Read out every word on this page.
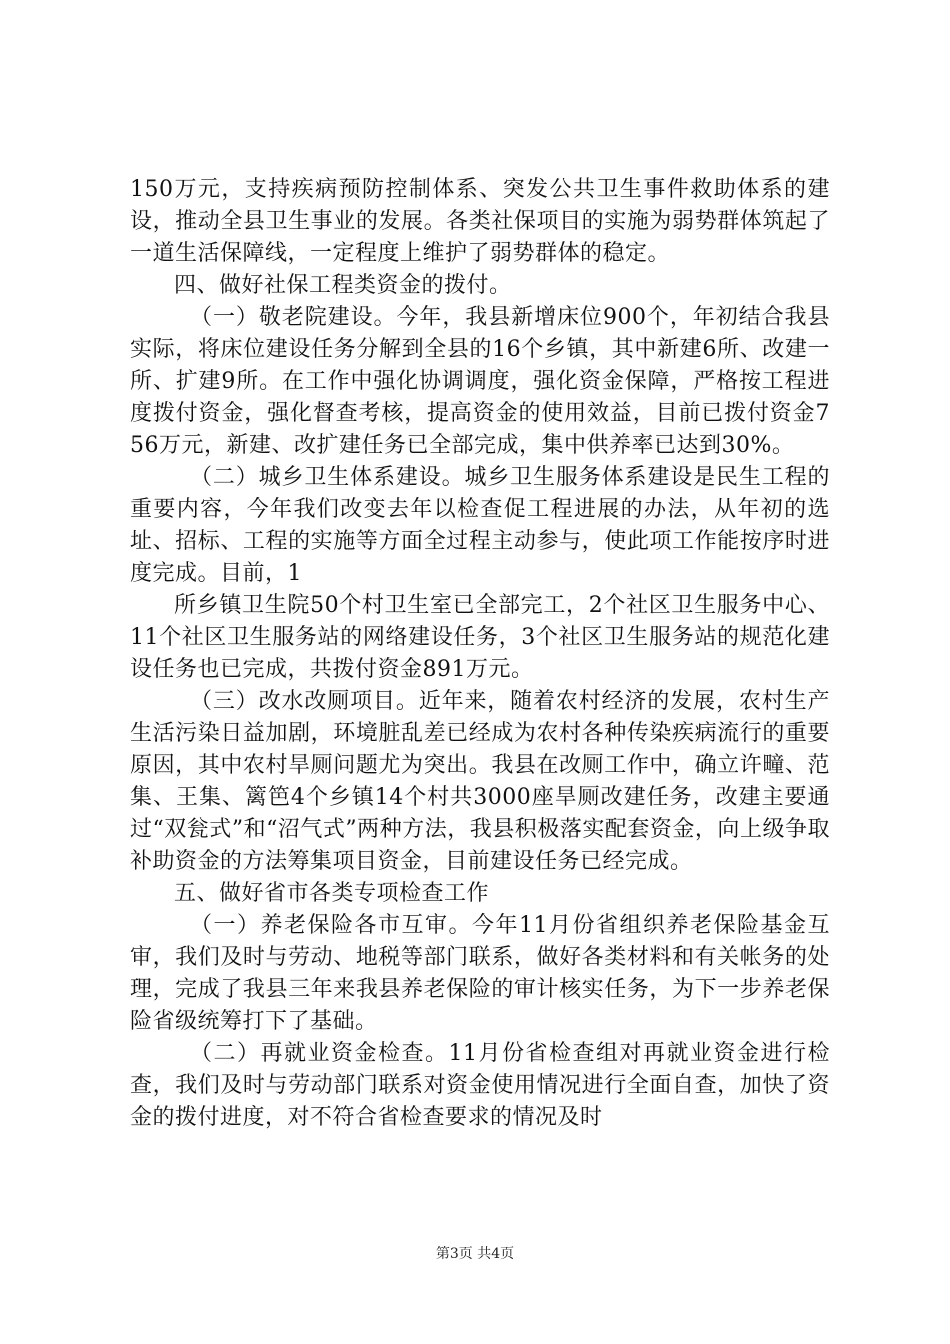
150万元，支持疾病预防控制体系、突发公共卫生事件救助体系的建设，推动全县卫生事业的发展。各类社保项目的实施为弱势群体筑起了一道生活保障线，一定程度上维护了弱势群体的稳定。

四、做好社保工程类资金的拨付。

（一）敬老院建设。今年，我县新增床位900个，年初结合我县实际，将床位建设任务分解到全县的16个乡镇，其中新建6所、改建一所、扩建9所。在工作中强化协调调度，强化资金保障，严格按工程进度拨付资金，强化督查考核，提高资金的使用效益，目前已拨付资金756万元，新建、改扩建任务已全部完成，集中供养率已达到30%。

（二）城乡卫生体系建设。城乡卫生服务体系建设是民生工程的重要内容，今年我们改变去年以检查促工程进展的办法，从年初的选址、招标、工程的实施等方面全过程主动参与，使此项工作能按序时进度完成。目前，1

所乡镇卫生院50个村卫生室已全部完工，2个社区卫生服务中心、11个社区卫生服务站的网络建设任务，3个社区卫生服务站的规范化建设任务也已完成，共拨付资金891万元。

（三）改水改厕项目。近年来，随着农村经济的发展，农村生产生活污染日益加剧，环境脏乱差已经成为农村各种传染疾病流行的重要原因，其中农村旱厕问题尤为突出。我县在改厕工作中，确立许疃、范集、王集、篱笆4个乡镇14个村共3000座旱厕改建任务，改建主要通过“双瓮式”和“沼气式”两种方法，我县积极落实配套资金，向上级争取补助资金的方法筹集项目资金，目前建设任务已经完成。

五、做好省市各类专项检查工作

（一）养老保险各市互审。今年11月份省组织养老保险基金互审，我们及时与劳动、地税等部门联系，做好各类材料和有关帐务的处理，完成了我县三年来我县养老保险的审计核实任务，为下一步养老保险省级统筹打下了基础。

（二）再就业资金检查。11月份省检查组对再就业资金进行检查，我们及时与劳动部门联系对资金使用情况进行全面自查，加快了资金的拨付进度，对不符合省检查要求的情况及时

第3页 共4页
